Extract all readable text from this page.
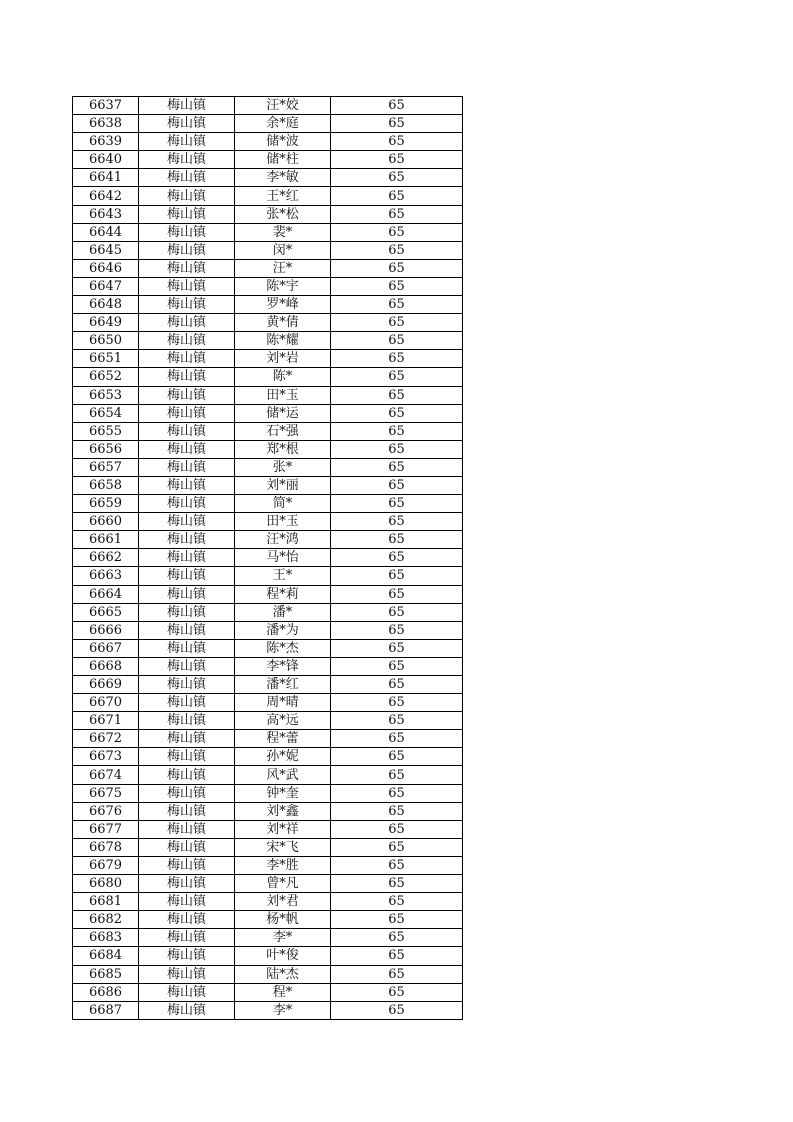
6637	梅山镇	汪*姣	65
6638	梅山镇	余*庭	65
6639	梅山镇	储*波	65
6640	梅山镇	储*柱	65
6641	梅山镇	李*敏	65
6642	梅山镇	王*红	65
6643	梅山镇	张*松	65
6644	梅山镇	裴*	65
6645	梅山镇	闵*	65
6646	梅山镇	汪*	65
6647	梅山镇	陈*宇	65
6648	梅山镇	罗*峰	65
6649	梅山镇	黄*倩	65
6650	梅山镇	陈*耀	65
6651	梅山镇	刘*岩	65
6652	梅山镇	陈*	65
6653	梅山镇	田*玉	65
6654	梅山镇	储*运	65
6655	梅山镇	石*强	65
6656	梅山镇	郑*根	65
6657	梅山镇	张*	65
6658	梅山镇	刘*丽	65
6659	梅山镇	简*	65
6660	梅山镇	田*玉	65
6661	梅山镇	汪*鸿	65
6662	梅山镇	马*怡	65
6663	梅山镇	王*	65
6664	梅山镇	程*莉	65
6665	梅山镇	潘*	65
6666	梅山镇	潘*为	65
6667	梅山镇	陈*杰	65
6668	梅山镇	李*锋	65
6669	梅山镇	潘*红	65
6670	梅山镇	周*晴	65
6671	梅山镇	高*远	65
6672	梅山镇	程*蕾	65
6673	梅山镇	孙*妮	65
6674	梅山镇	风*武	65
6675	梅山镇	钟*奎	65
6676	梅山镇	刘*鑫	65
6677	梅山镇	刘*祥	65
6678	梅山镇	宋*飞	65
6679	梅山镇	李*胜	65
6680	梅山镇	曾*凡	65
6681	梅山镇	刘*君	65
6682	梅山镇	杨*帆	65
6683	梅山镇	李*	65
6684	梅山镇	叶*俊	65
6685	梅山镇	陆*杰	65
6686	梅山镇	程*	65
6687	梅山镇	李*	65
